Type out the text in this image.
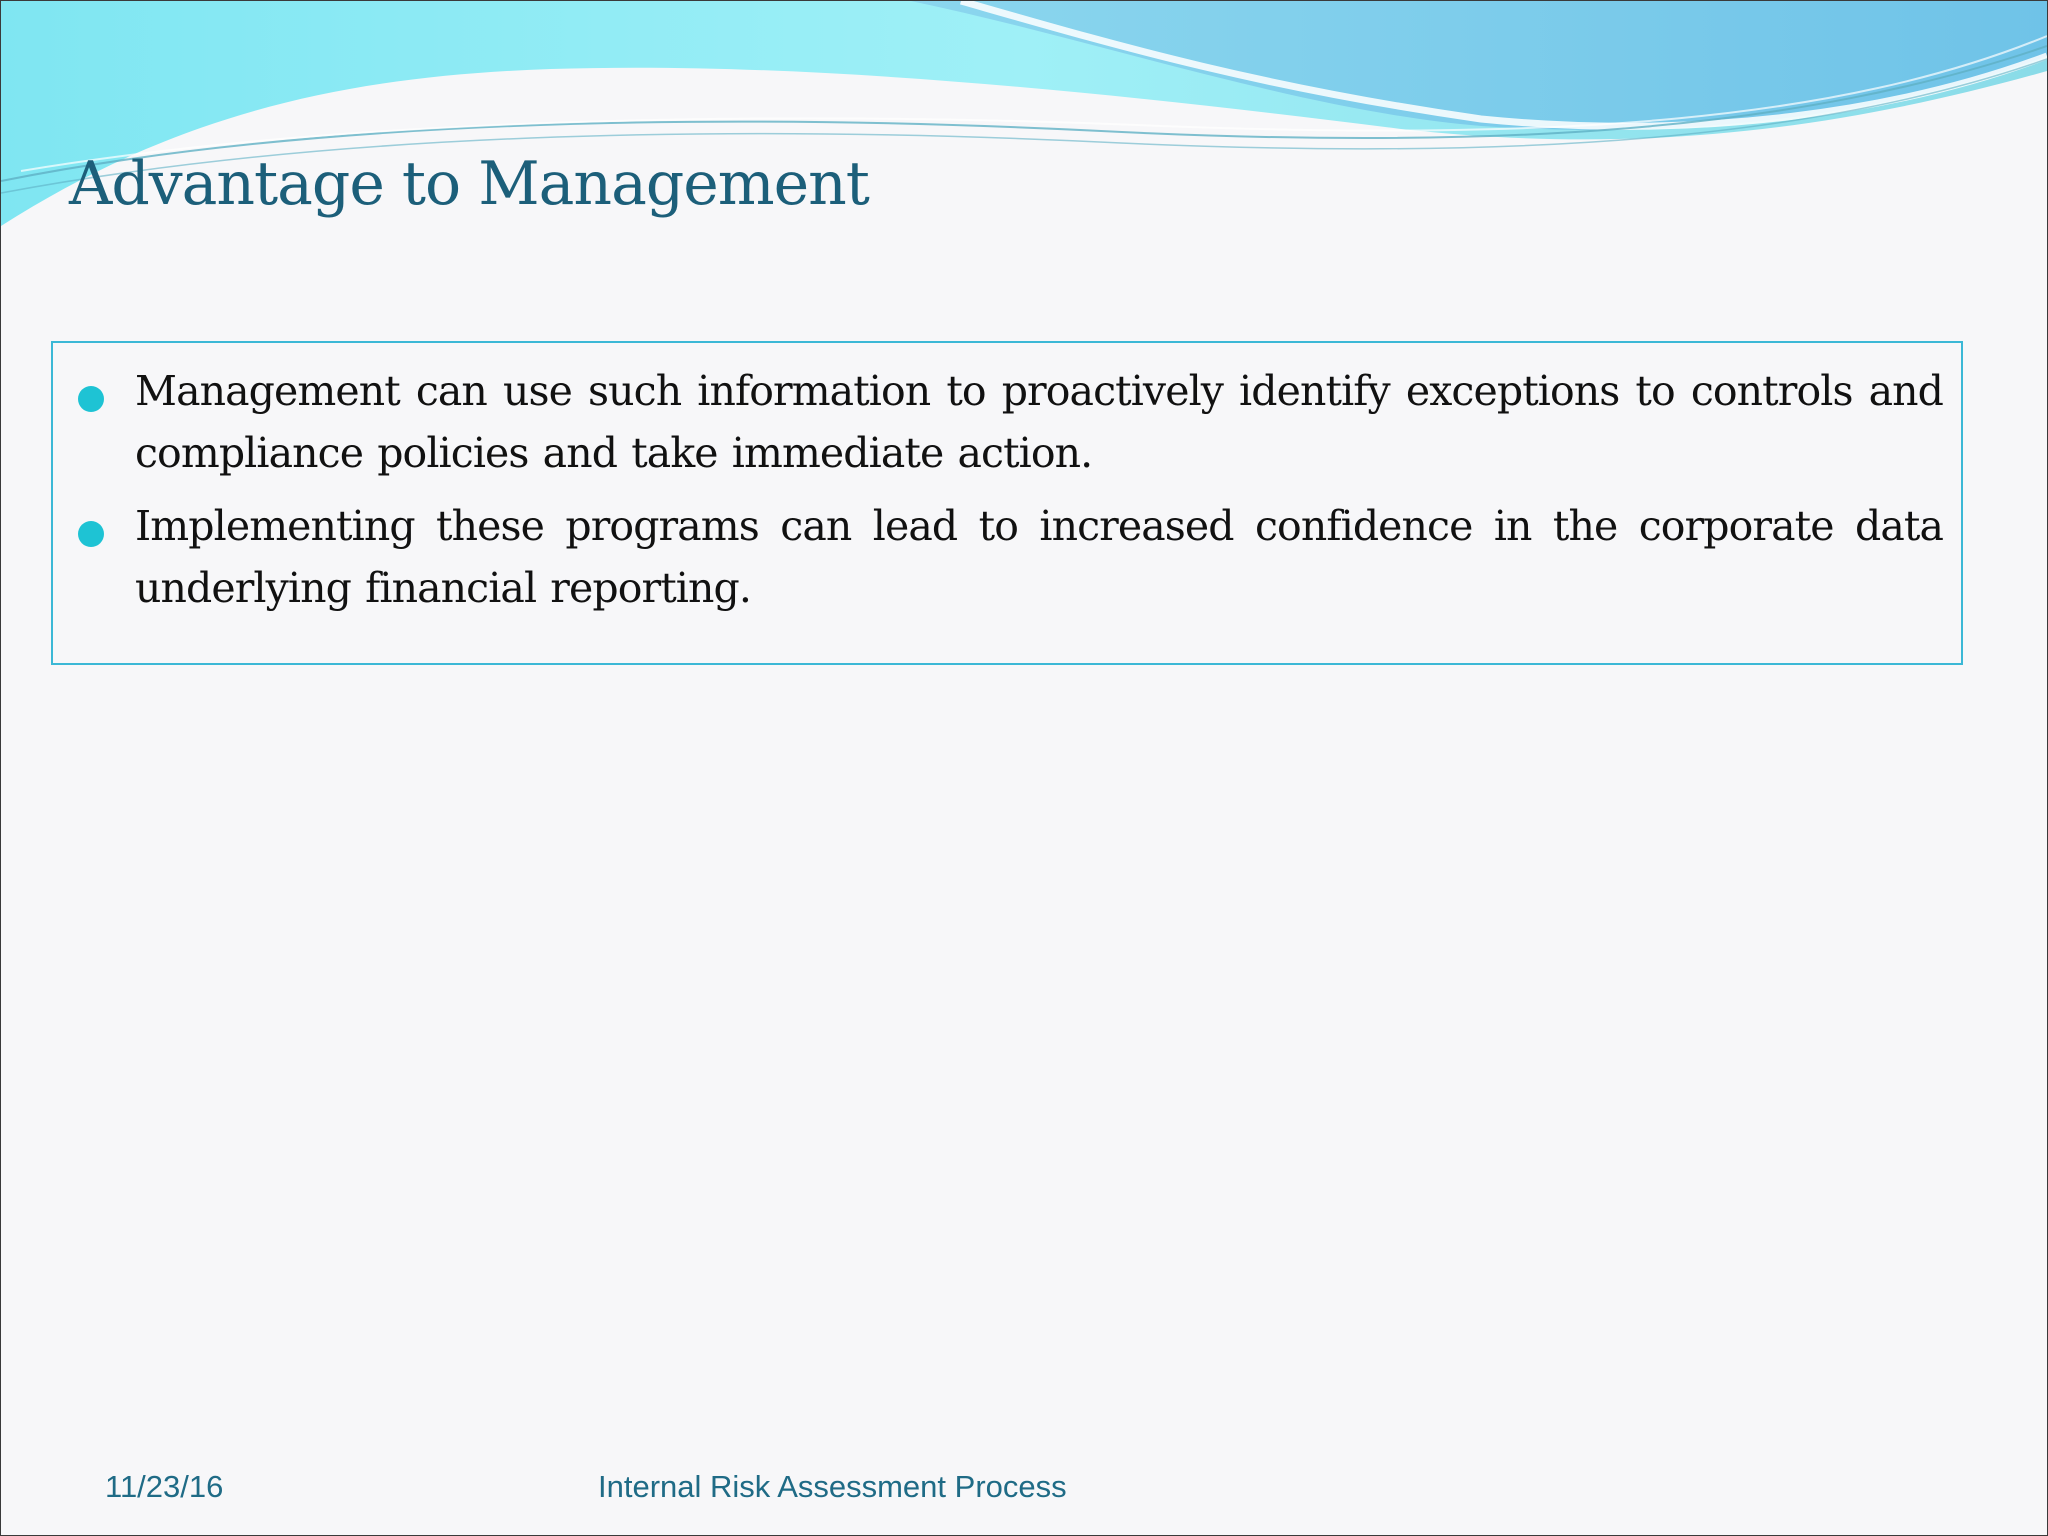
Advantage to Management

Management can use such information to proactively identify exceptions to controls and compliance policies and take immediate action.

Implementing these programs can lead to increased confidence in the corporate data underlying financial reporting.

11/23/16	Internal Risk Assessment Process
